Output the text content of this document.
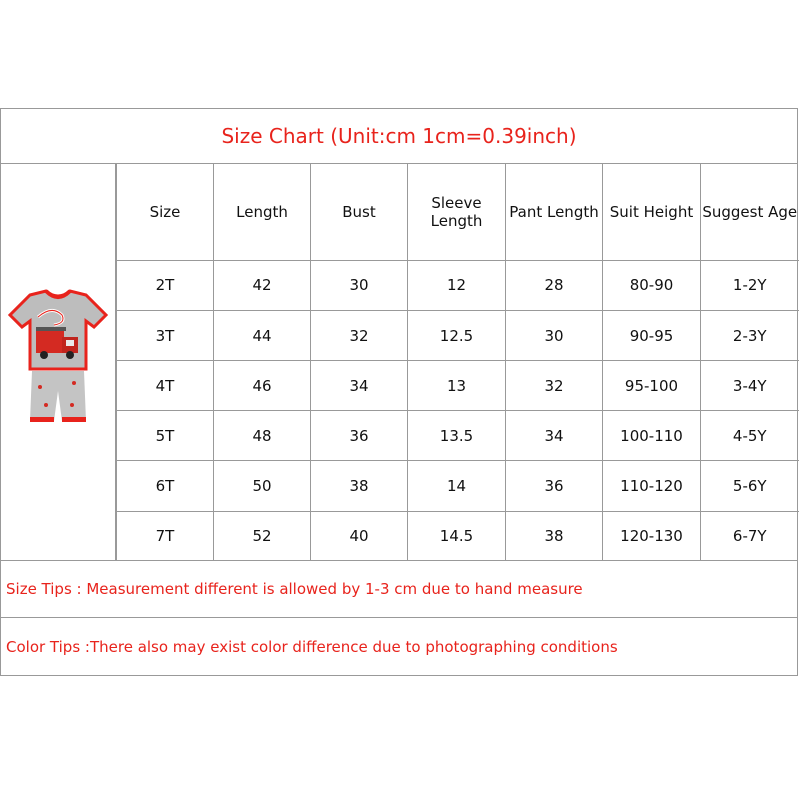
Size Chart (Unit:cm 1cm=0.39inch)
Size	Length	Bust	Sleeve Length	Pant Length	Suit Height	Suggest Age
2T	42	30	12	28	80-90	1-2Y
3T	44	32	12.5	30	90-95	2-3Y
4T	46	34	13	32	95-100	3-4Y
5T	48	36	13.5	34	100-110	4-5Y
6T	50	38	14	36	110-120	5-6Y
7T	52	40	14.5	38	120-130	6-7Y
Size Tips : Measurement different is allowed by 1-3 cm due to hand measure
Color Tips :There also may exist color difference due to photographing conditions
